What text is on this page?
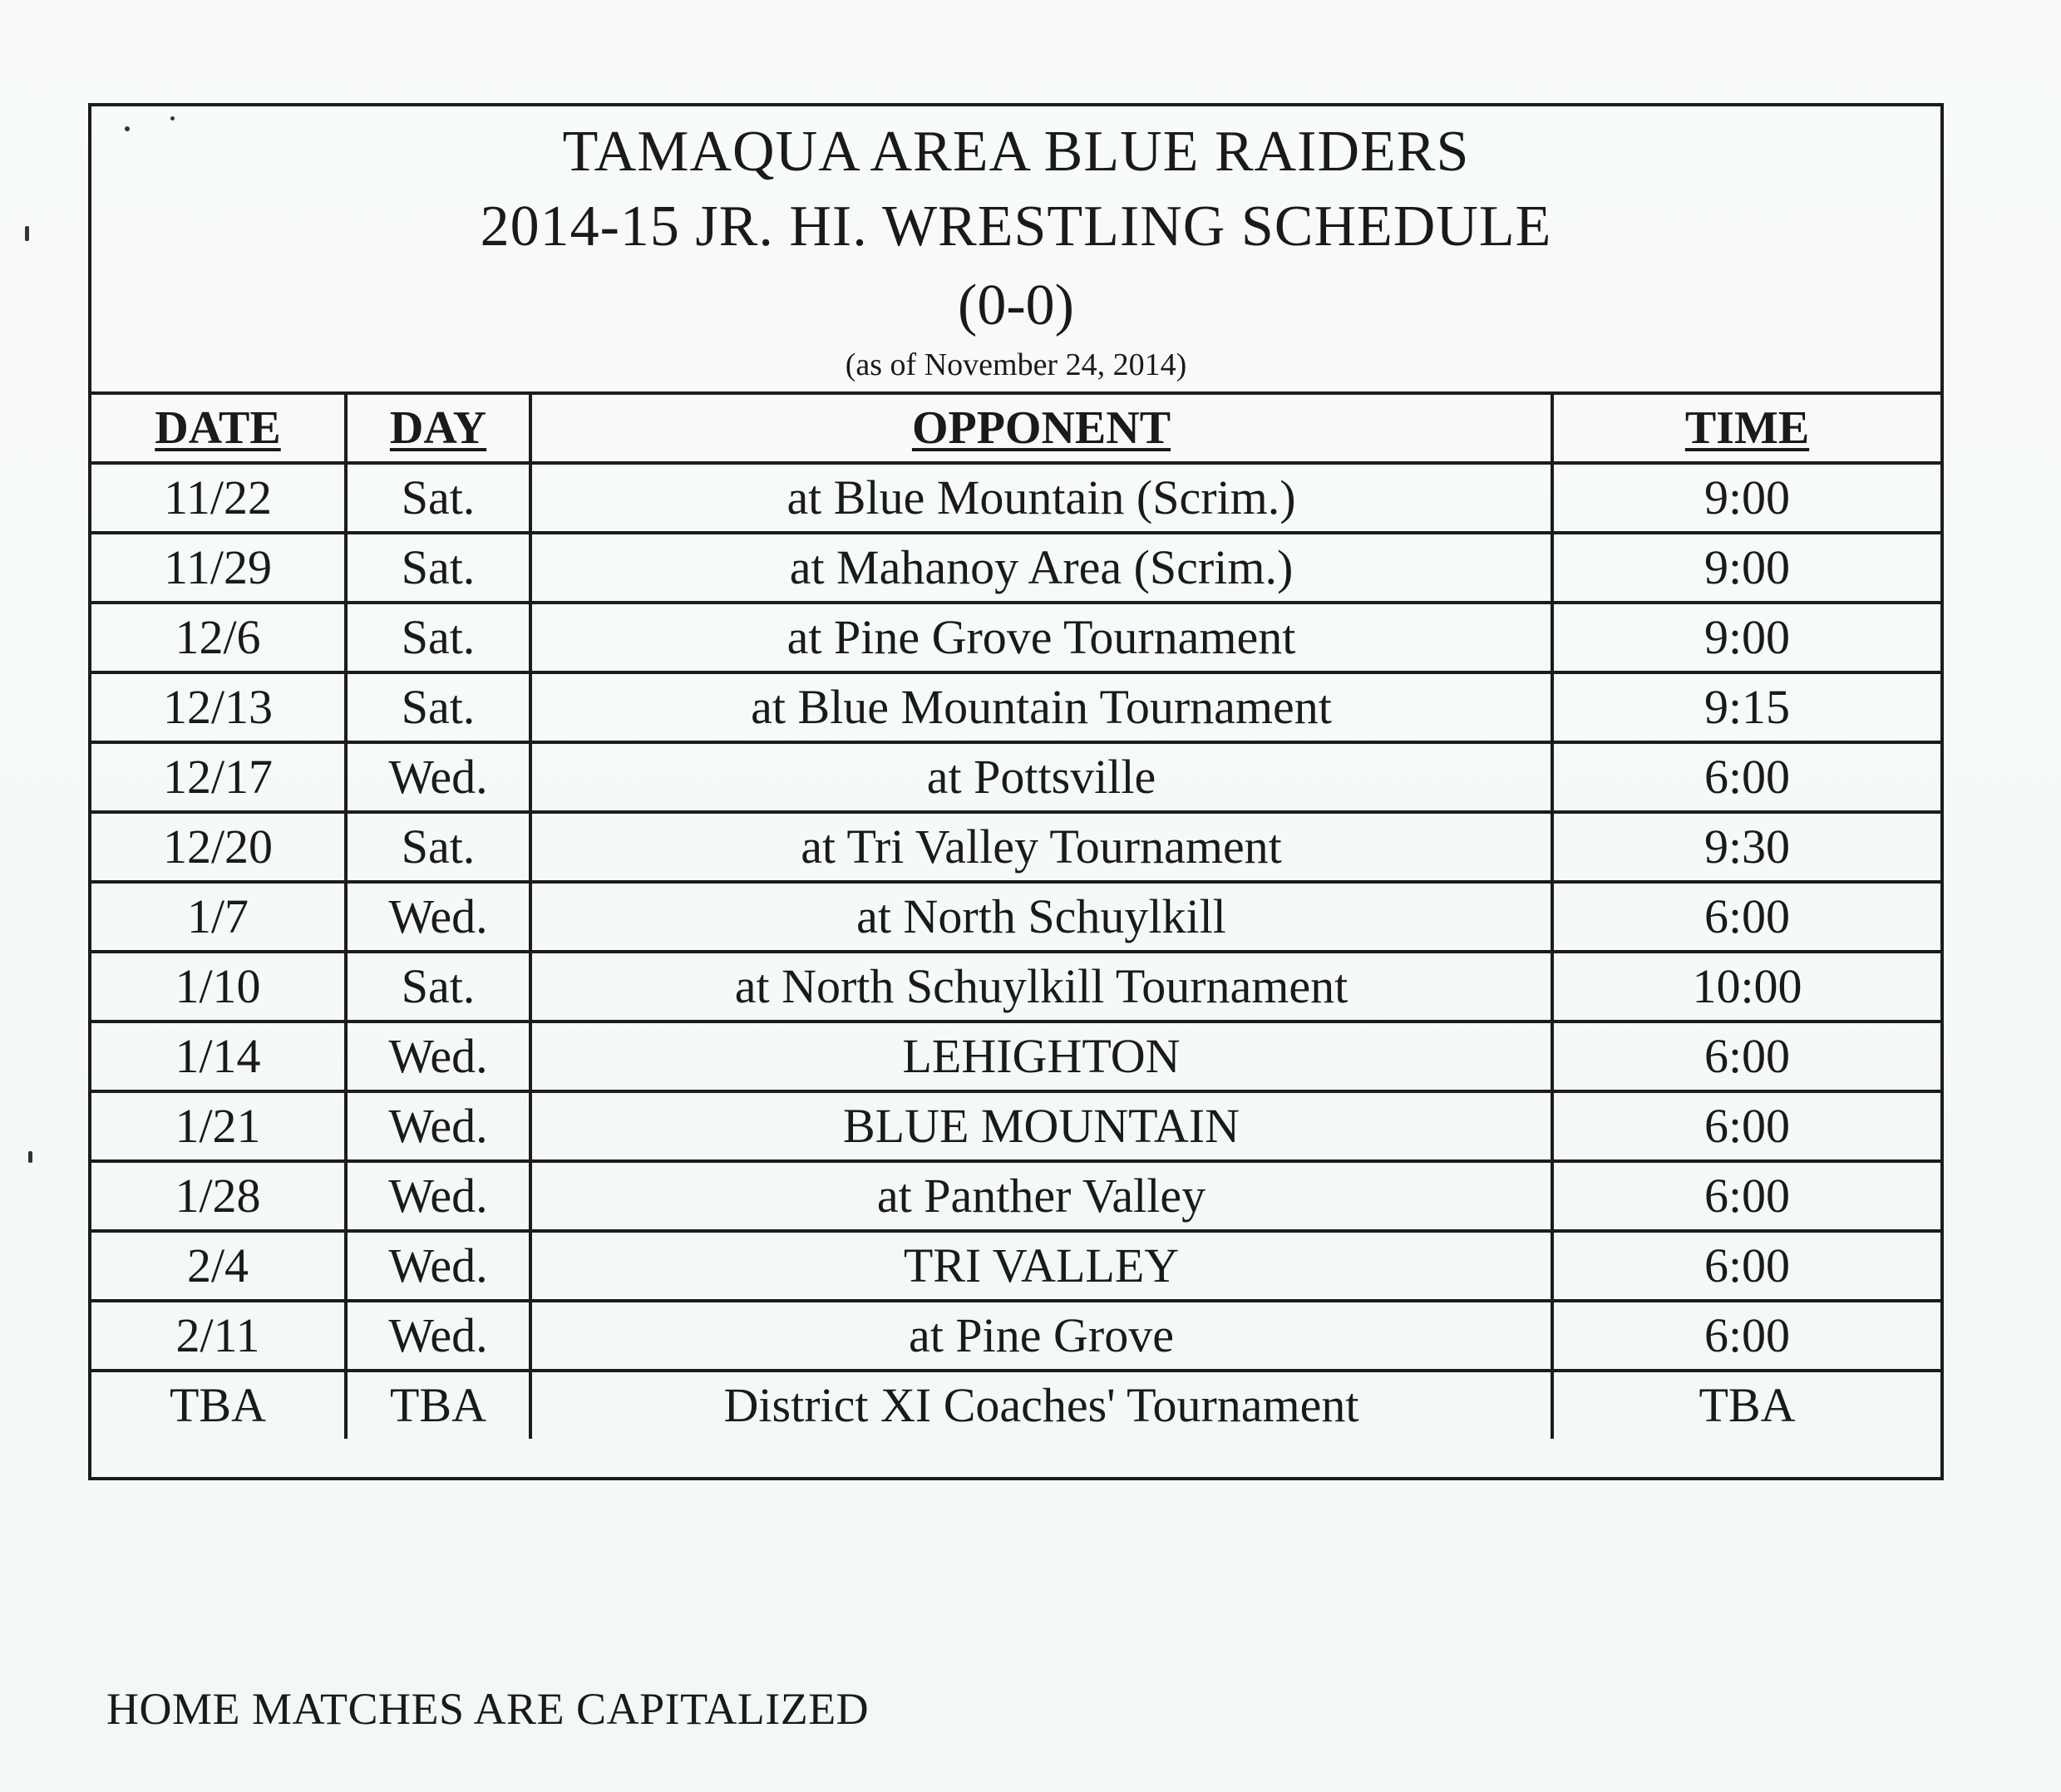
TAMAQUA AREA BLUE RAIDERS
2014-15 JR. HI. WRESTLING SCHEDULE
(0-0)
(as of November 24, 2014)
DATE	DAY	OPPONENT	TIME
11/22	Sat.	at Blue Mountain (Scrim.)	9:00
11/29	Sat.	at Mahanoy Area (Scrim.)	9:00
12/6	Sat.	at Pine Grove Tournament	9:00
12/13	Sat.	at Blue Mountain Tournament	9:15
12/17	Wed.	at Pottsville	6:00
12/20	Sat.	at Tri Valley Tournament	9:30
1/7	Wed.	at North Schuylkill	6:00
1/10	Sat.	at North Schuylkill Tournament	10:00
1/14	Wed.	LEHIGHTON	6:00
1/21	Wed.	BLUE MOUNTAIN	6:00
1/28	Wed.	at Panther Valley	6:00
2/4	Wed.	TRI VALLEY	6:00
2/11	Wed.	at Pine Grove	6:00
TBA	TBA	District XI Coaches' Tournament	TBA
HOME MATCHES ARE CAPITALIZED
